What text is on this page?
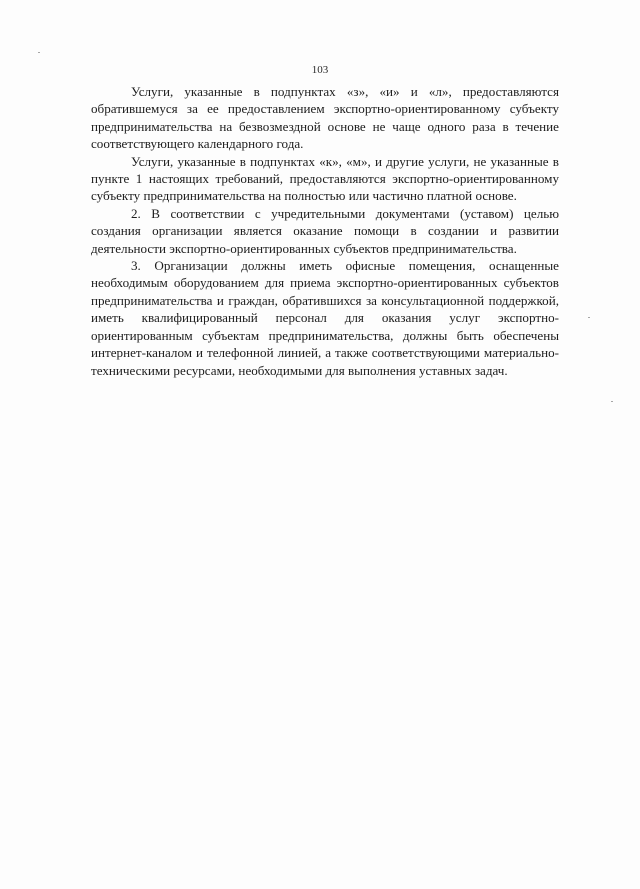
103

Услуги, указанные в подпунктах «з», «и» и «л», предоставляются обратившемуся за ее предоставлением экспортно-ориентированному субъекту предпринимательства на безвозмездной основе не чаще одного раза в течение соответствующего календарного года.

Услуги, указанные в подпунктах «к», «м», и другие услуги, не указанные в пункте 1 настоящих требований, предоставляются экспортно-ориентированному субъекту предпринимательства на полностью или частично платной основе.

2. В соответствии с учредительными документами (уставом) целью создания организации является оказание помощи в создании и развитии деятельности экспортно-ориентированных субъектов предпринимательства.

3. Организации должны иметь офисные помещения, оснащенные необходимым оборудованием для приема экспортно-ориентированных субъектов предпринимательства и граждан, обратившихся за консультационной поддержкой, иметь квалифицированный персонал для оказания услуг экспортно-ориентированным субъектам предпринимательства, должны быть обеспечены интернет-каналом и телефонной линией, а также соответствующими материально-техническими ресурсами, необходимыми для выполнения уставных задач.
